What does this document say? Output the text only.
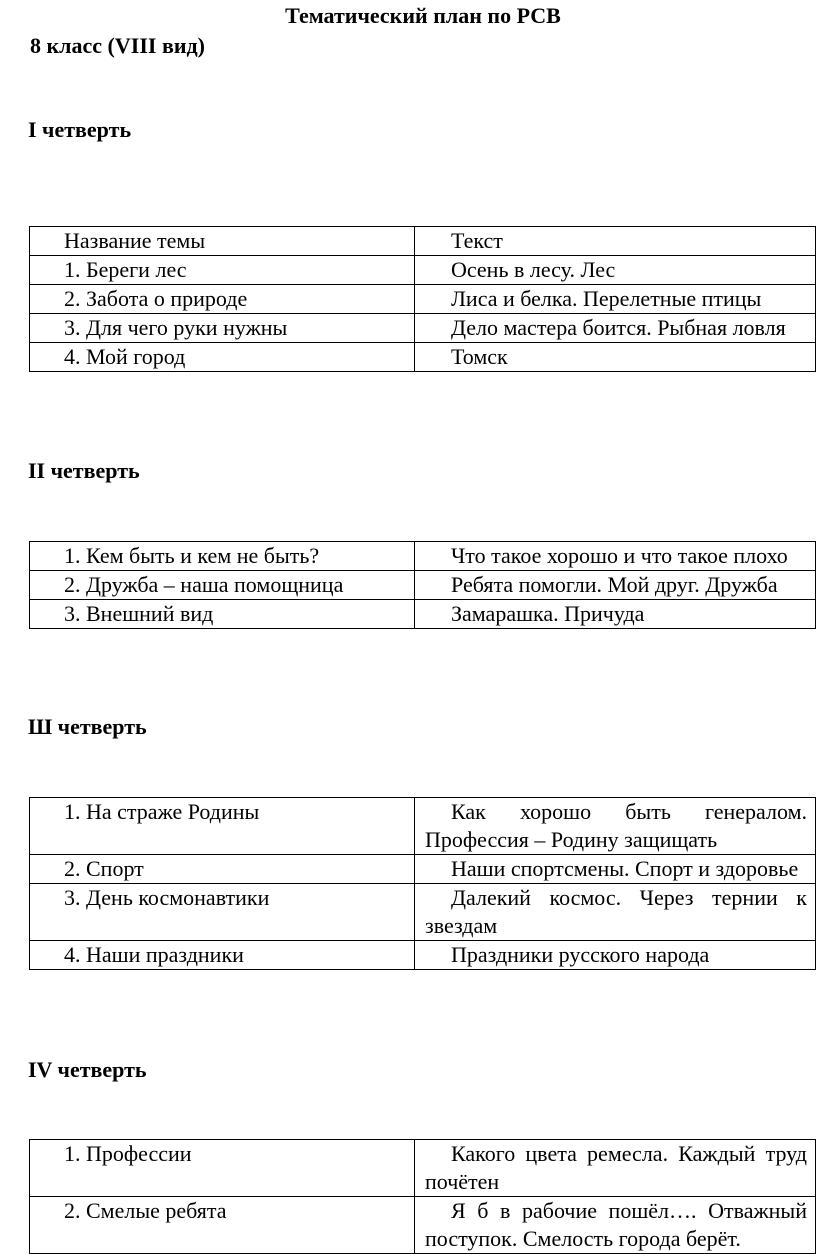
Тематический план по РСВ
8 класс (VIII вид)
I четверть
Название темы	Текст
1. Береги лес	Осень в лесу. Лес
2. Забота о природе	Лиса и белка. Перелетные птицы
3. Для чего руки нужны	Дело мастера боится. Рыбная ловля
4. Мой город	Томск
II четверть
1. Кем быть и кем не быть?	Что такое хорошо и что такое плохо
2. Дружба – наша помощница	Ребята помогли. Мой друг. Дружба
3. Внешний вид	Замарашка. Причуда
Ш четверть
1. На страже Родины	Как хорошо быть генералом. Профессия – Родину защищать
2. Спорт	Наши спортсмены. Спорт и здоровье
3. День космонавтики	Далекий космос. Через тернии к звездам
4. Наши праздники	Праздники русского народа
IV четверть
1. Профессии	Какого цвета ремесла. Каждый труд почётен
2. Смелые ребята	Я б в рабочие пошёл…. Отважный поступок. Смелость города берёт.
